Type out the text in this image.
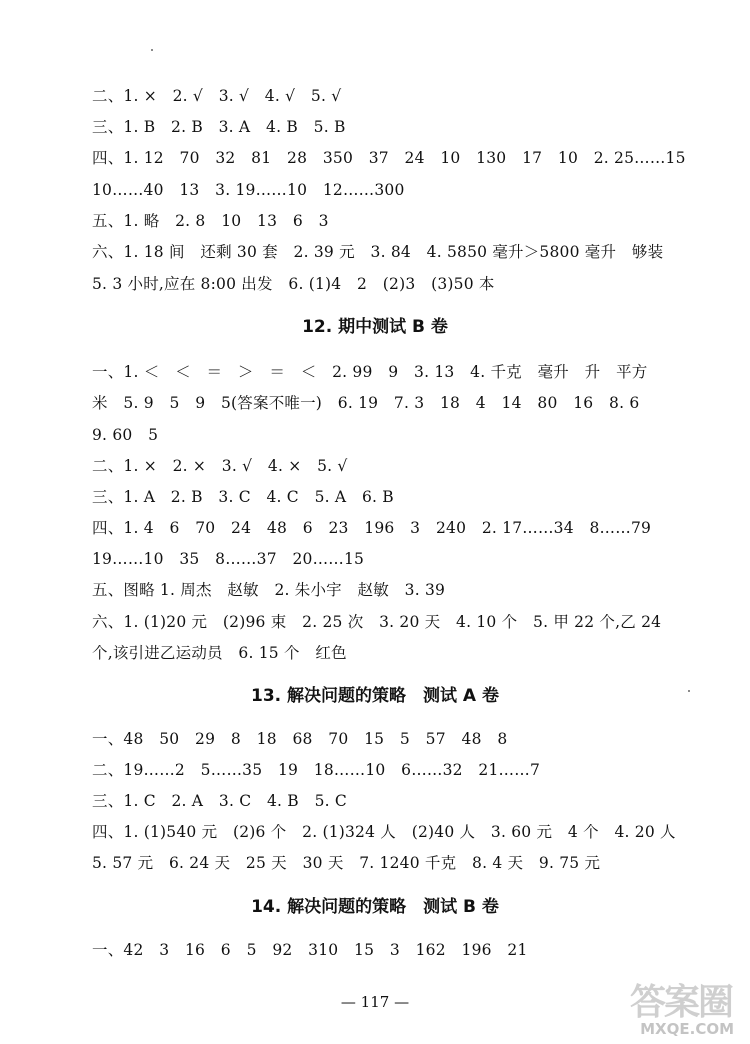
二、1. ×　2. √　3. √　4. √　5. √
三、1. B　2. B　3. A　4. B　5. B
四、1. 12　70　32　81　28　350　37　24　10　130　17　10　2. 25……15
10……40　13　3. 19……10　12……300
五、1. 略　2. 8　10　13　6　3
六、1. 18 间　还剩 30 套　2. 39 元　3. 84　4. 5850 毫升＞5800 毫升　够装
5. 3 小时,应在 8:00 出发　6. (1)4　2　(2)3　(3)50 本
12. 期中测试 B 卷
一、1. ＜　＜　＝　＞　＝　＜　2. 99　9　3. 13　4. 千克　毫升　升　平方
米　5. 9　5　9　5(答案不唯一)　6. 19　7. 3　18　4　14　80　16　8. 6
9. 60　5
二、1. ×　2. ×　3. √　4. ×　5. √
三、1. A　2. B　3. C　4. C　5. A　6. B
四、1. 4　6　70　24　48　6　23　196　3　240　2. 17……34　8……79
19……10　35　8……37　20……15
五、图略 1. 周杰　赵敏　2. 朱小宇　赵敏　3. 39
六、1. (1)20 元　(2)96 束　2. 25 次　3. 20 天　4. 10 个　5. 甲 22 个,乙 24
个,该引进乙运动员　6. 15 个　红色
13. 解决问题的策略　测试 A 卷
一、48　50　29　8　18　68　70　15　5　57　48　8
二、19……2　5……35　19　18……10　6……32　21……7
三、1. C　2. A　3. C　4. B　5. C
四、1. (1)540 元　(2)6 个　2. (1)324 人　(2)40 人　3. 60 元　4 个　4. 20 人
5. 57 元　6. 24 天　25 天　30 天　7. 1240 千克　8. 4 天　9. 75 元
14. 解决问题的策略　测试 B 卷
一、42　3　16　6　5　92　310　15　3　162　196　21
— 117 —	答案圈
MXQE.COM
